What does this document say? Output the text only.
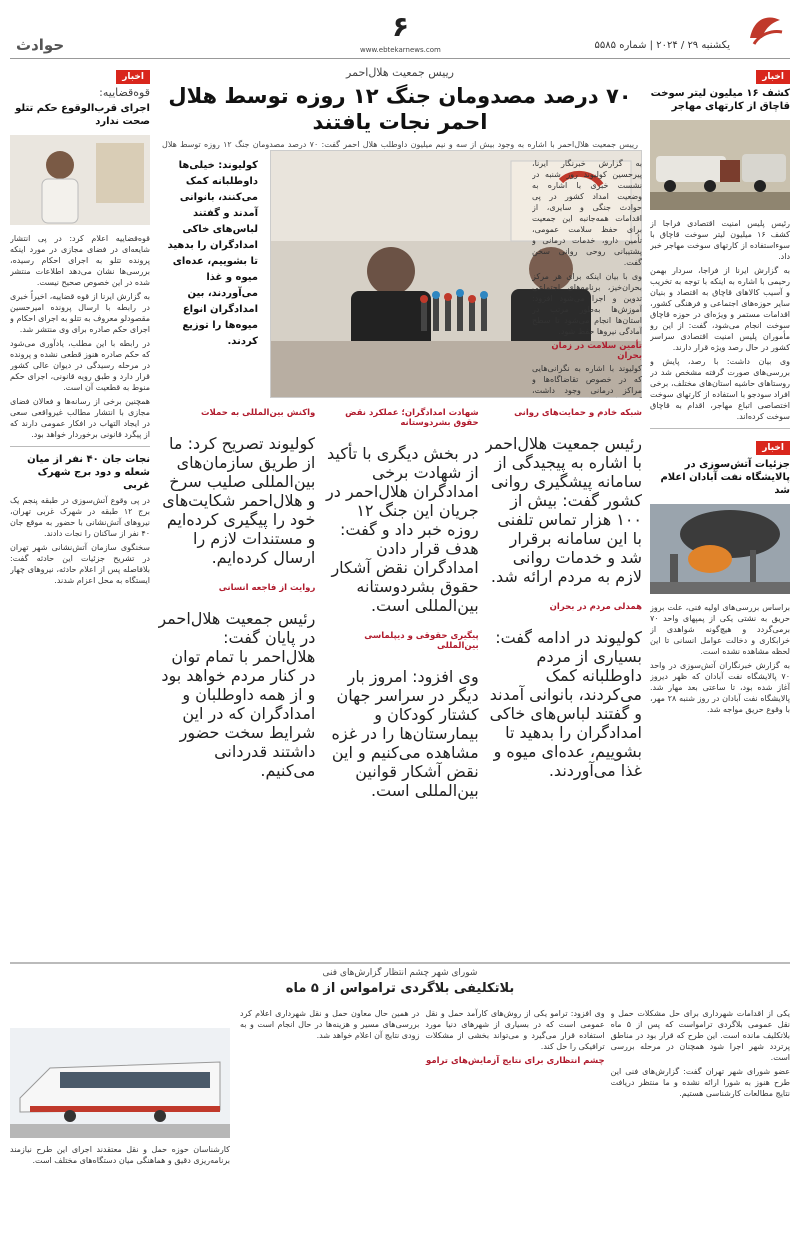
یکشنبه ۲۹ / ۲۰۲۴ | شماره ۵۵۸۵
۶
www.ebtekarnews.com
حوادث
اخبار
کشف ۱۶ میلیون لیتر سوخت قاچاق از کارتهای مهاجر

رئیس پلیس امنیت اقتصادی فراجا از کشف ۱۶ میلیون لیتر سوخت قاچاق با سوءاستفاده از کارتهای سوخت مهاجر خبر داد.

به گزارش ایرنا از فراجا، سردار بهمن رحیمی با اشاره به اینکه با توجه به تخریب و آسیب کالاهای قاچاق به اقتصاد و بنیان سایر حوزه‌های اجتماعی و فرهنگی کشور، اقدامات مستمر و ویژه‌ای در حوزه قاچاق سوخت انجام می‌شود، گفت: از این رو مأموران پلیس امنیت اقتصادی سراسر کشور در حال رصد ویژه قرار دارند.

وی بیان داشت: با رصد، پایش و بررسی‌های صورت گرفته مشخص شد در روستاهای حاشیه استان‌های مختلف، برخی افراد سودجو با استفاده از کارتهای سوخت اختصاصی اتباع مهاجر، اقدام به قاچاق سوخت کرده‌اند.

اخبار
جزئیات آتش‌سوزی در پالایشگاه نفت آبادان اعلام شد

براساس بررسی‌های اولیه فنی، علت بروز حریق به نشتی یکی از پمپهای واحد ۷۰ برمی‌گردد و هیچ‌گونه شواهدی از خرابکاری و دخالت عوامل انسانی تا این لحظه مشاهده نشده است.

به گزارش خبرنگاران آتش‌سوزی در واحد ۷۰ پالایشگاه نفت آبادان که ظهر دیروز آغاز شده بود، تا ساعتی بعد مهار شد. پالایشگاه نفت آبادان در روز شنبه ۲۸ مهر، با وقوع حریق مواجه شد.

اخبار
قوه‌قضاییه:
اجرای قرب‌الوقوع حکم تتلو صحت ندارد

قوه‌قضاییه اعلام کرد: در پی انتشار شایعه‌ای در فضای مجازی در مورد اینکه پرونده تتلو به اجرای احکام رسیده، بررسی‌ها نشان می‌دهد اطلاعات منتشر شده در این خصوص صحیح نیست.

به گزارش ایرنا از قوه قضاییه، اخیراً خبری در رابطه با ارسال پرونده امیرحسین مقصودلو معروف به تتلو به اجرای احکام و اجرای حکم صادره برای وی منتشر شد.

در رابطه با این مطلب، یادآوری می‌شود که حکم صادره هنوز قطعی نشده و پرونده در مرحله رسیدگی در دیوان عالی کشور قرار دارد و طبق رویه قانونی، اجرای حکم منوط به قطعیت آن است.

همچنین برخی از رسانه‌ها و فعالان فضای مجازی با انتشار مطالب غیرواقعی سعی در ایجاد التهاب در افکار عمومی دارند که از پیگرد قانونی برخوردار خواهد بود.

نجات جان ۴۰ نفر از میان شعله و دود برج شهرک غربی

در پی وقوع آتش‌سوزی در طبقه پنجم یک برج ۱۲ طبقه در شهرک غربی تهران، نیروهای آتش‌نشانی با حضور به موقع جان ۴۰ نفر از ساکنان را نجات دادند.

سخنگوی سازمان آتش‌نشانی شهر تهران در تشریح جزئیات این حادثه گفت: بلافاصله پس از اعلام حادثه، نیروهای چهار ایستگاه به محل اعزام شدند.

رییس جمعیت هلال‌احمر
۷۰ درصد مصدومان جنگ ۱۲ روزه توسط هلال احمر نجات یافتند
رییس جمعیت هلال‌احمر با اشاره به وجود بیش از سه و نیم میلیون داوطلب هلال احمر گفت: ۷۰ درصد مصدومان جنگ ۱۲ روزه توسط هلال
کولیوند: خیلی‌ها داوطلبانه کمک می‌کنند، بانوانی آمدند و گفتند لباس‌های خاکی امدادگران را بدهید تا بشوییم، عده‌ای میوه و غذا می‌آوردند، بین امدادگران انواع میوه‌ها را توزیع کردند.

به گزارش خبرنگار ایرنا، پیرحسین کولیوند روز شنبه در نشست خبری با اشاره به وضعیت امداد کشور در پی حوادث جنگی و سایری، از اقدامات همه‌جانبه این جمعیت برای حفظ سلامت عمومی، تأمین دارو، خدمات درمانی و پشتیبانی روحی روانی سخن گفت.

وی با بیان اینکه برای هر مرکز بحران‌خیز، برنامه‌های اجتماعی تدوین و اجرا می‌شود افزود: آموزش‌ها به‌طور مرتب در استان‌ها انجام می‌شود تا سطح آمادگی نیروها حفظ شود.

تأمین سلامت در زمان بحران

کولیوند با اشاره به نگرانی‌هایی که در خصوص تقاضاگاه‌ها و مراکز درمانی وجود داشت،

شبکه خادم و حمایت‌های روانی

رئیس جمعیت هلال‌احمر با اشاره به پیجیدگی از سامانه پیشگیری روانی کشور گفت: بیش از ۱۰۰ هزار تماس تلفنی با این سامانه برقرار شد و خدمات روانی لازم به مردم ارائه شد.

همدلی مردم در بحران

کولیوند در ادامه گفت: بسیاری از مردم داوطلبانه کمک می‌کردند، بانوانی آمدند و گفتند لباس‌های خاکی امدادگران را بدهید تا بشوییم، عده‌ای میوه و غذا می‌آوردند.

شهادت امدادگران؛ عملکرد نقض حقوق بشردوستانه

در بخش دیگری با تأکید از شهادت برخی امدادگران هلال‌احمر در جریان این جنگ ۱۲ روزه خبر داد و گفت: هدف قرار دادن امدادگران نقض آشکار حقوق بشردوستانه بین‌المللی است.

پیگیری حقوقی و دیپلماسی بین‌المللی

وی افزود: امروز بار دیگر در سراسر جهان کشتار کودکان و بیمارستان‌ها را در غزه مشاهده می‌کنیم و این نقض آشکار قوانین بین‌المللی است.

واکنش بین‌المللی به حملات

کولیوند تصریح کرد: ما از طریق سازمان‌های بین‌المللی صلیب سرخ و هلال‌احمر شکایت‌های خود را پیگیری کرده‌ایم و مستندات لازم را ارسال کرده‌ایم.

روایت از فاجعه انسانی

رئیس جمعیت هلال‌احمر در پایان گفت: هلال‌احمر با تمام توان در کنار مردم خواهد بود و از همه داوطلبان و امدادگران که در این شرایط سخت حضور داشتند قدردانی می‌کنیم.

شورای شهر چشم انتظار گزارش‌های فنی
بلاتکلیفی بلاگردی ترامواس از ۵ ماه

کارشناسان حوزه حمل و نقل معتقدند اجرای این طرح نیازمند برنامه‌ریزی دقیق و هماهنگی میان دستگاه‌های مختلف است.

یکی از اقدامات شهرداری برای حل مشکلات حمل و نقل عمومی بلاگردی ترامواست که پس از ۵ ماه بلاتکلیف مانده است. این طرح که قرار بود در مناطق پرتردد شهر اجرا شود همچنان در مرحله بررسی است.

عضو شورای شهر تهران گفت: گزارش‌های فنی این طرح هنوز به شورا ارائه نشده و ما منتظر دریافت نتایج مطالعات کارشناسی هستیم.

وی افزود: ترامو یکی از روش‌های کارآمد حمل و نقل عمومی است که در بسیاری از شهرهای دنیا مورد استفاده قرار می‌گیرد و می‌تواند بخشی از مشکلات ترافیکی را حل کند.

چشم انتظاری برای نتایج آزمایش‌های ترامو

در همین حال معاون حمل و نقل شهرداری اعلام کرد بررسی‌های مسیر و هزینه‌ها در حال انجام است و به زودی نتایج آن اعلام خواهد شد.
